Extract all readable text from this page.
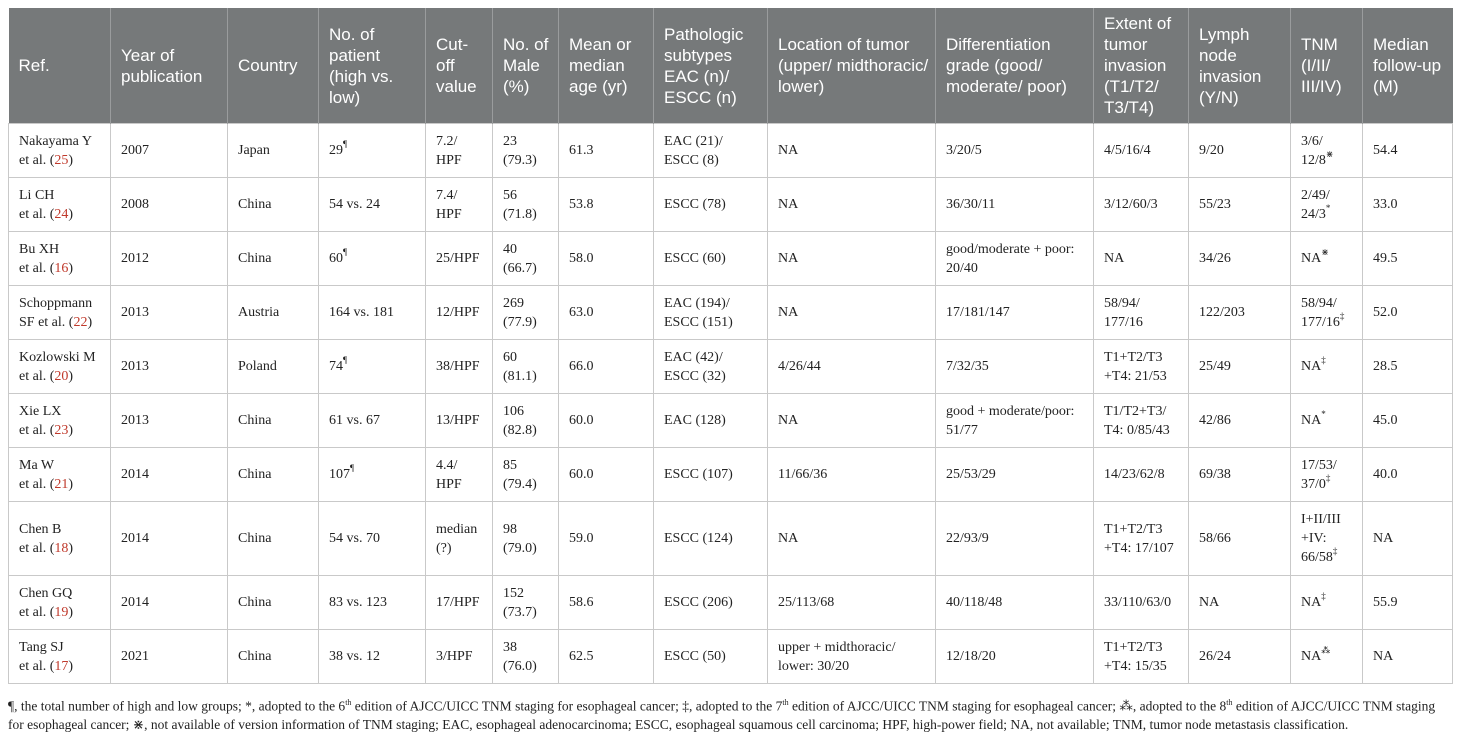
Ref.	Year of publication	Country	No. of patient (high vs. low)	Cut-off value	No. of Male (%)	Mean or median age (yr)	Pathologic subtypes EAC (n)/ ESCC (n)	Location of tumor (upper/ midthoracic/ lower)	Differentiation grade (good/ moderate/ poor)	Extent of tumor invasion (T1/T2/ T3/T4)	Lymph node invasion (Y/N)	TNM (I/II/ III/IV)	Median follow-up (M)
Nakayama Y
et al. (25)	2007	Japan	29¶	7.2/ HPF	23 (79.3)	61.3	EAC (21)/ ESCC (8)	NA	3/20/5	4/5/16/4	9/20	3/6/ 12/8⋇	54.4
Li CH
et al. (24)	2008	China	54 vs. 24	7.4/ HPF	56 (71.8)	53.8	ESCC (78)	NA	36/30/11	3/12/60/3	55/23	2/49/ 24/3*	33.0
Bu XH
et al. (16)	2012	China	60¶	25/HPF	40 (66.7)	58.0	ESCC (60)	NA	good/moderate + poor: 20/40	NA	34/26	NA⋇	49.5
Schoppmann
SF et al. (22)	2013	Austria	164 vs. 181	12/HPF	269 (77.9)	63.0	EAC (194)/ ESCC (151)	NA	17/181/147	58/94/ 177/16	122/203	58/94/ 177/16‡	52.0
Kozlowski M
et al. (20)	2013	Poland	74¶	38/HPF	60 (81.1)	66.0	EAC (42)/ ESCC (32)	4/26/44	7/32/35	T1+T2/T3 +T4: 21/53	25/49	NA‡	28.5
Xie LX
et al. (23)	2013	China	61 vs. 67	13/HPF	106 (82.8)	60.0	EAC (128)	NA	good + moderate/poor: 51/77	T1/T2+T3/ T4: 0/85/43	42/86	NA*	45.0
Ma W
et al. (21)	2014	China	107¶	4.4/ HPF	85 (79.4)	60.0	ESCC (107)	11/66/36	25/53/29	14/23/62/8	69/38	17/53/ 37/0‡	40.0
Chen B
et al. (18)	2014	China	54 vs. 70	median (?)	98 (79.0)	59.0	ESCC (124)	NA	22/93/9	T1+T2/T3 +T4: 17/107	58/66	I+II/III +IV: 66/58‡	NA
Chen GQ
et al. (19)	2014	China	83 vs. 123	17/HPF	152 (73.7)	58.6	ESCC (206)	25/113/68	40/118/48	33/110/63/0	NA	NA‡	55.9
Tang SJ
et al. (17)	2021	China	38 vs. 12	3/HPF	38 (76.0)	62.5	ESCC (50)	upper + midthoracic/ lower: 30/20	12/18/20	T1+T2/T3 +T4: 15/35	26/24	NA⁂	NA
¶, the total number of high and low groups; *, adopted to the 6th edition of AJCC/UICC TNM staging for esophageal cancer; ‡, adopted to the 7th edition of AJCC/UICC TNM staging for esophageal cancer; ⁂, adopted to the 8th edition of AJCC/UICC TNM staging for esophageal cancer; ⋇, not available of version information of TNM staging; EAC, esophageal adenocarcinoma; ESCC, esophageal squamous cell carcinoma; HPF, high-power field; NA, not available; TNM, tumor node metastasis classification.
